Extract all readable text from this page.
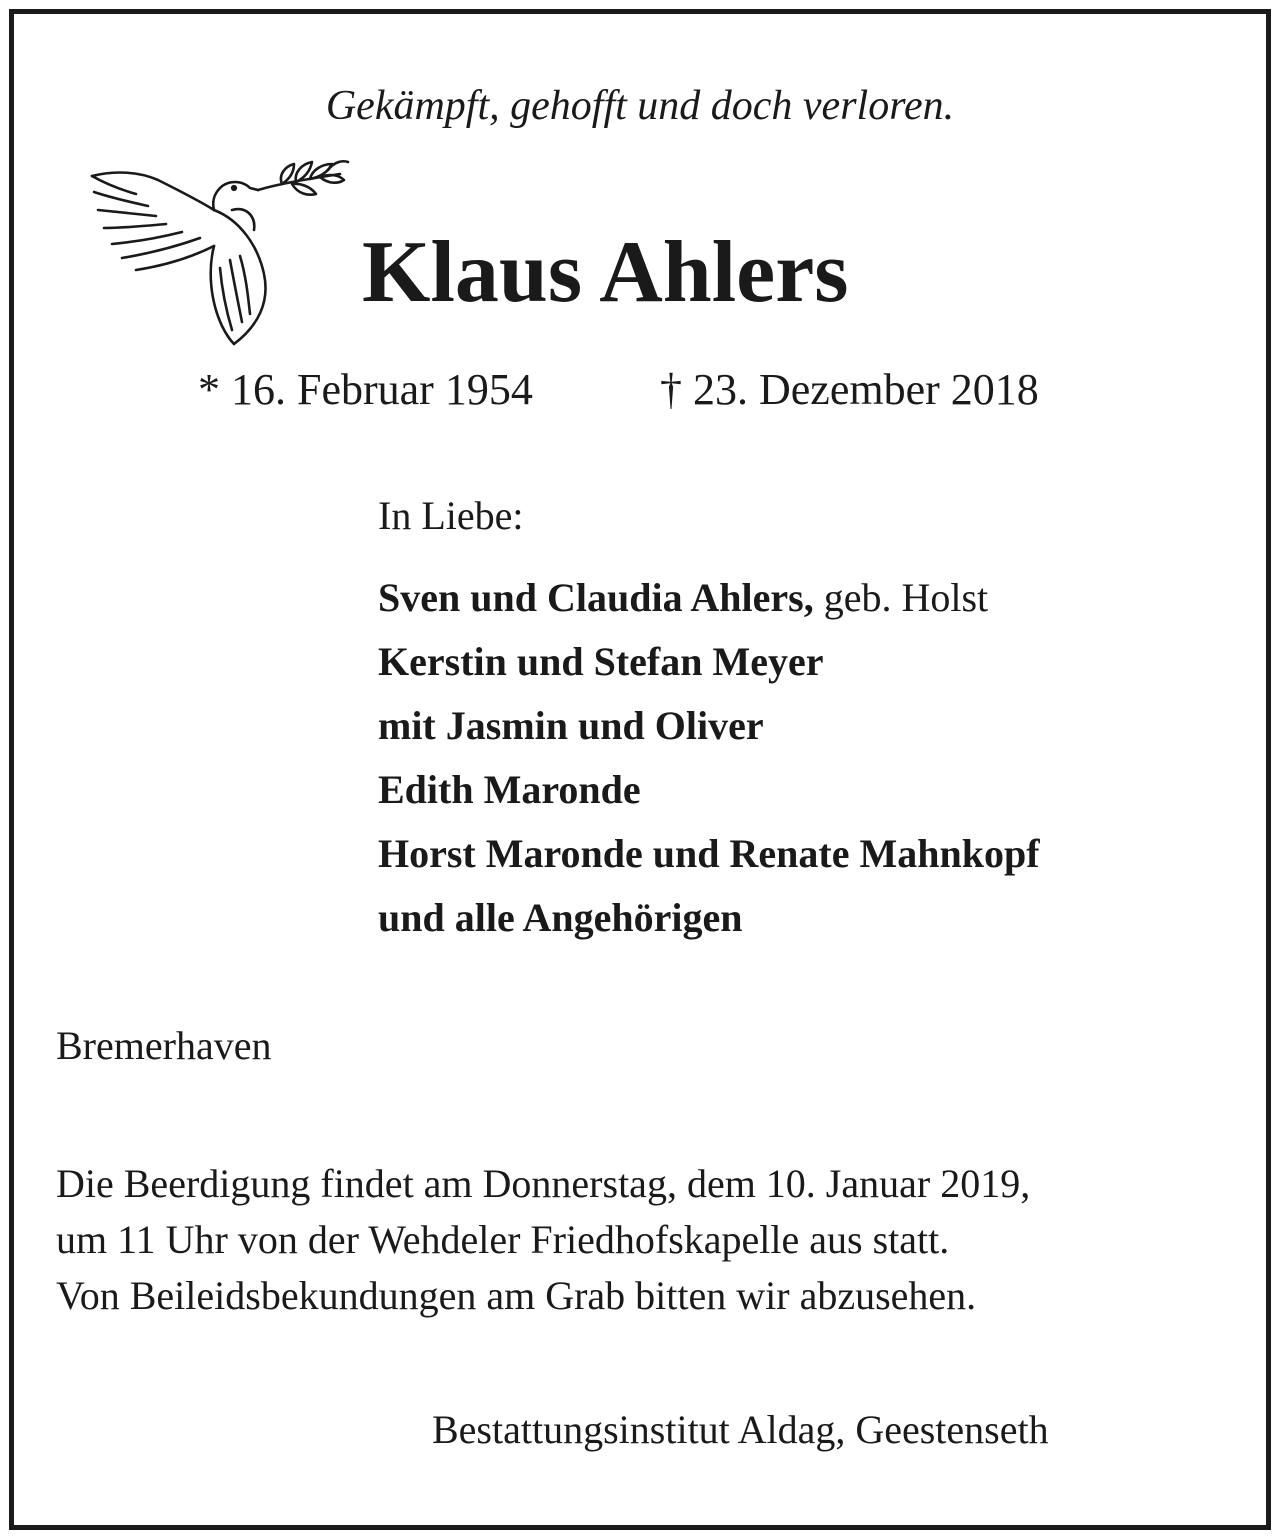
Gekämpft, gehofft und doch verloren.

Klaus Ahlers

* 16. Februar 1954	† 23. Dezember 2018

In Liebe:

Sven und Claudia Ahlers, geb. Holst
Kerstin und Stefan Meyer
mit Jasmin und Oliver
Edith Maronde
Horst Maronde und Renate Mahnkopf
und alle Angehörigen

Bremerhaven

Die Beerdigung findet am Donnerstag, dem 10. Januar 2019,

um 11 Uhr von der Wehdeler Friedhofskapelle aus statt.

Von Beileidsbekundungen am Grab bitten wir abzusehen.

Bestattungsinstitut Aldag, Geestenseth
